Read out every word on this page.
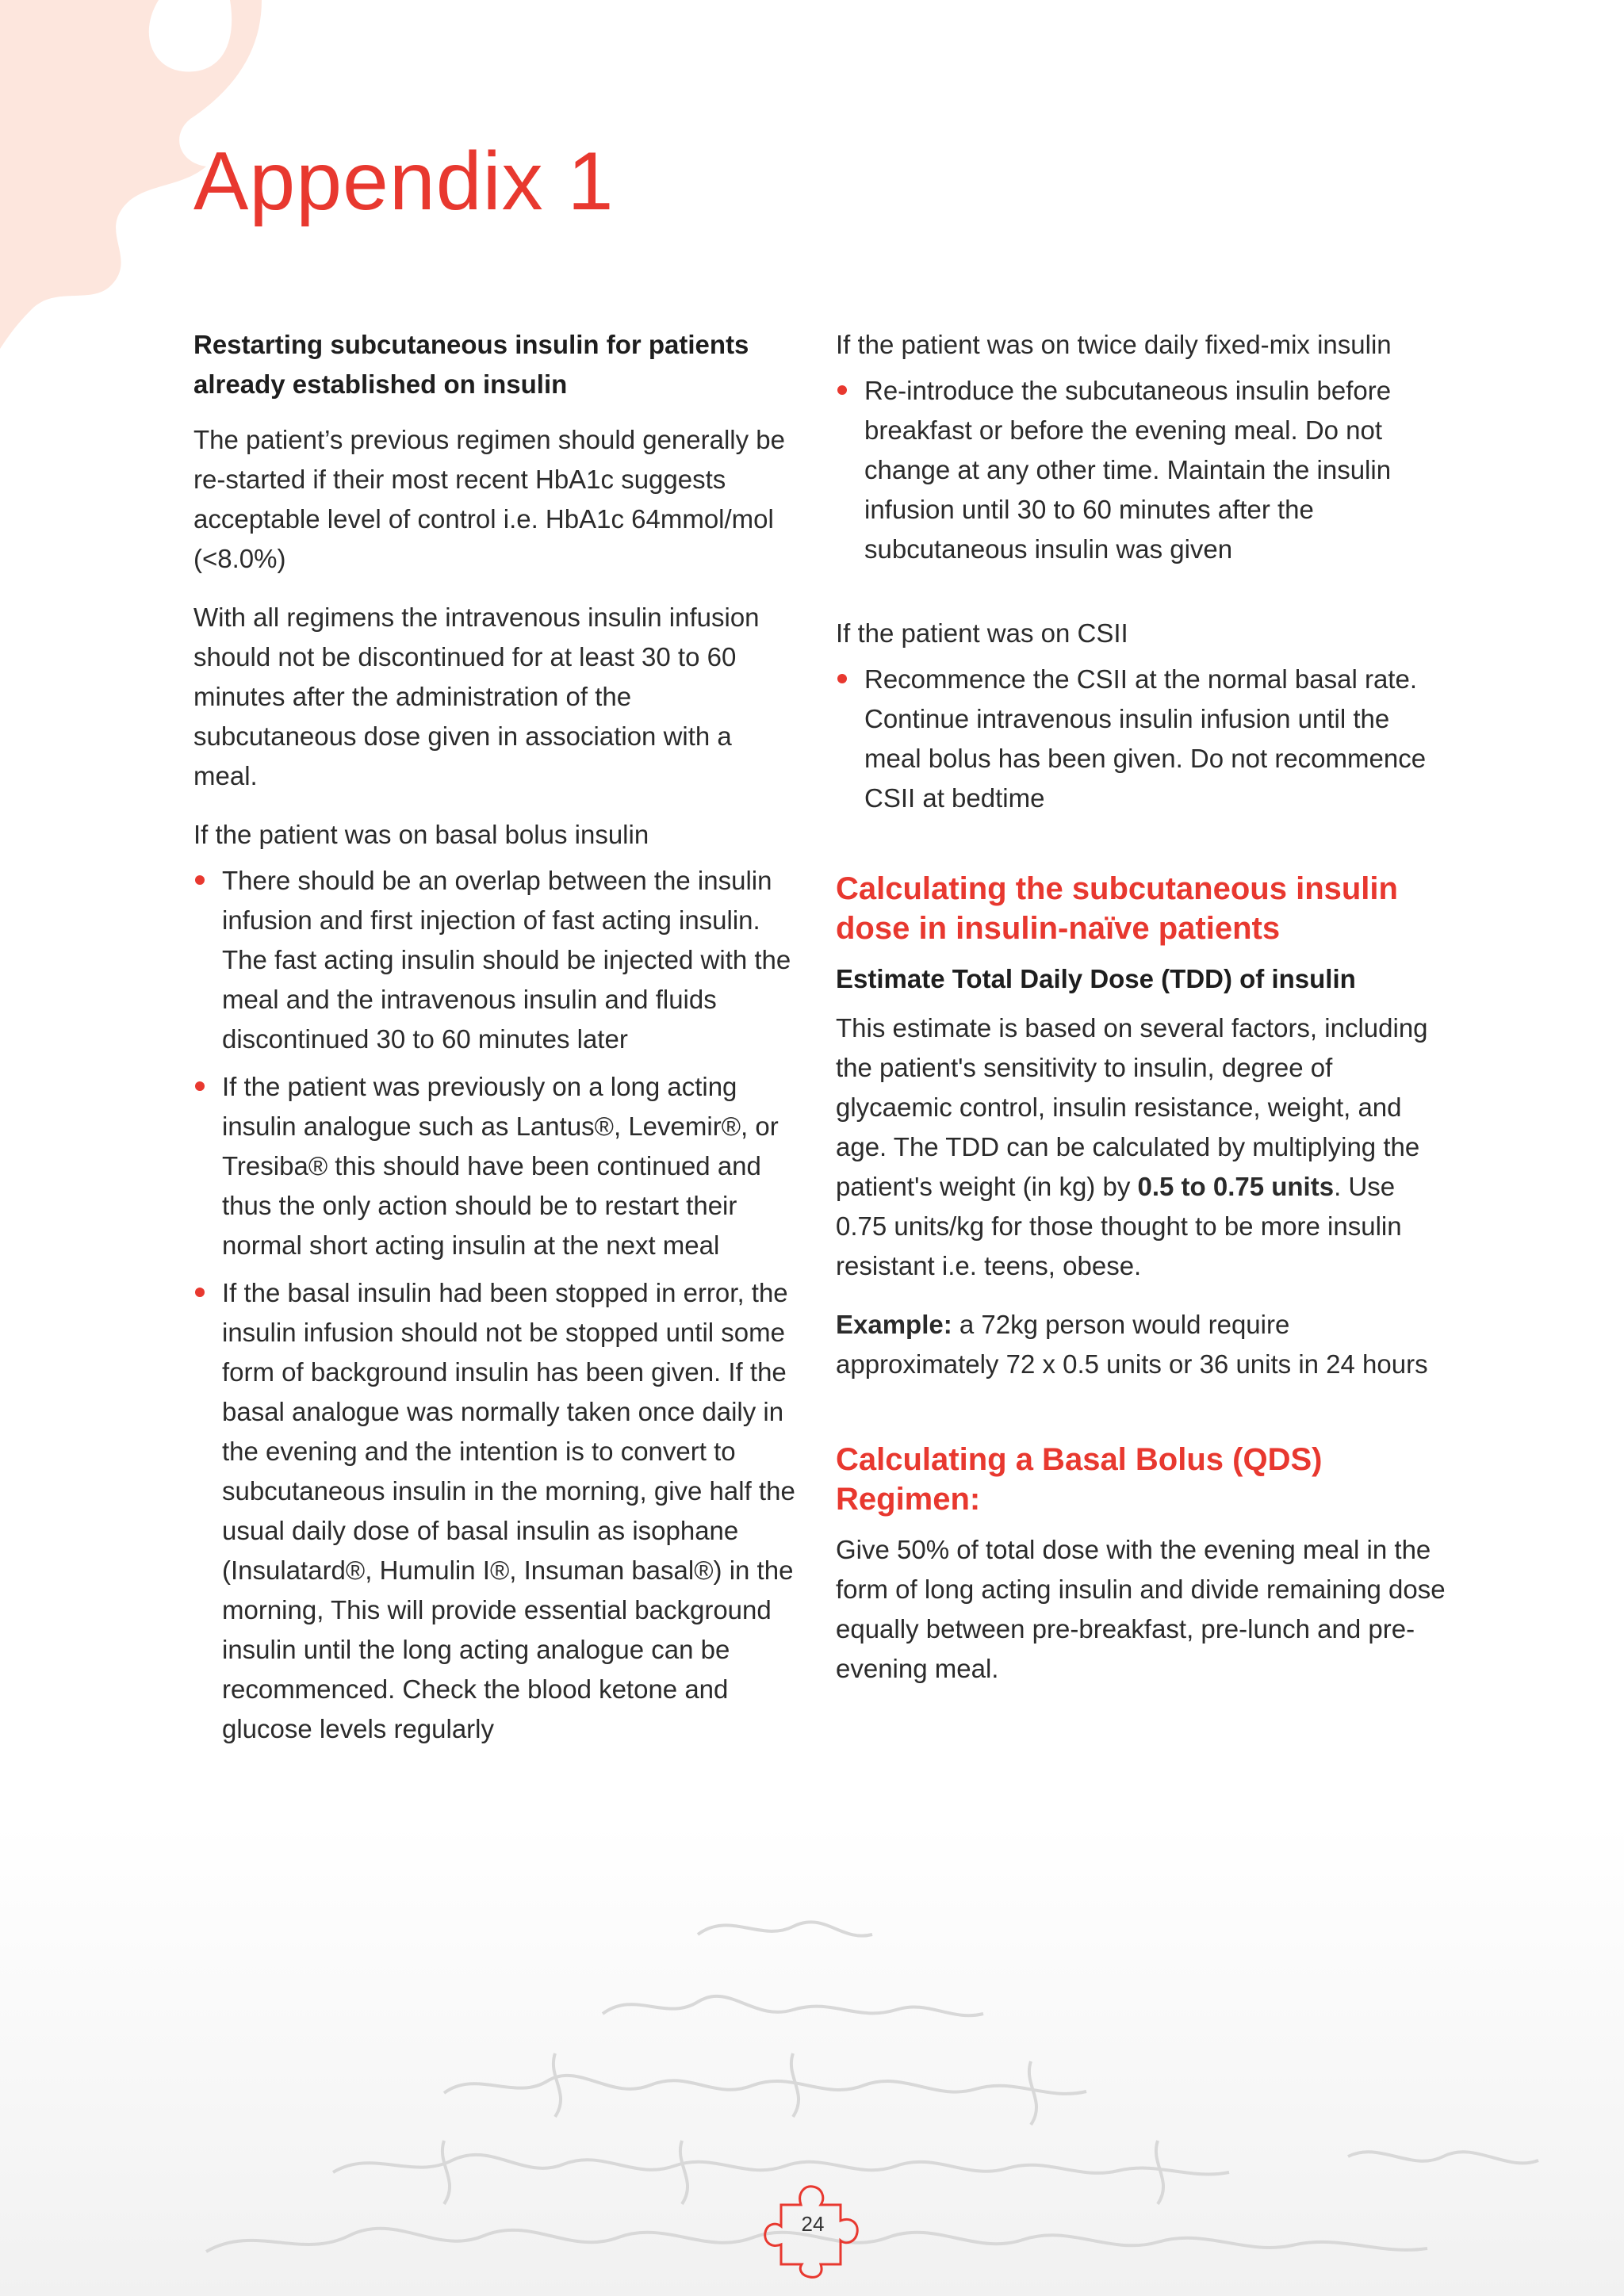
Appendix 1

Restarting subcutaneous insulin for patients already established on insulin

The patient’s previous regimen should generally be re-started if their most recent HbA1c suggests acceptable level of control i.e. HbA1c 64mmol/mol (<8.0%)

With all regimens the intravenous insulin infusion should not be discontinued for at least 30 to 60 minutes after the administration of the subcutaneous dose given in association with a meal.

If the patient was on basal bolus insulin

There should be an overlap between the insulin infusion and first injection of fast acting insulin. The fast acting insulin should be injected with the meal and the intravenous insulin and fluids discontinued 30 to 60 minutes later
If the patient was previously on a long acting insulin analogue such as Lantus®, Levemir®, or Tresiba® this should have been continued and thus the only action should be to restart their normal short acting insulin at the next meal
If the basal insulin had been stopped in error, the insulin infusion should not be stopped until some form of background insulin has been given. If the basal analogue was normally taken once daily in the evening and the intention is to convert to subcutaneous insulin in the morning, give half the usual daily dose of basal insulin as isophane (Insulatard®, Humulin I®, Insuman basal®) in the morning, This will provide essential background insulin until the long acting analogue can be recommenced. Check the blood ketone and glucose levels regularly

If the patient was on twice daily fixed-mix insulin

Re-introduce the subcutaneous insulin before breakfast or before the evening meal. Do not change at any other time. Maintain the insulin infusion until 30 to 60 minutes after the subcutaneous insulin was given

If the patient was on CSII

Recommence the CSII at the normal basal rate. Continue intravenous insulin infusion until the meal bolus has been given. Do not recommence CSII at bedtime
Calculating the subcutaneous insulin dose in insulin-naïve patients

Estimate Total Daily Dose (TDD) of insulin

This estimate is based on several factors, including the patient's sensitivity to insulin, degree of glycaemic control, insulin resistance, weight, and age. The TDD can be calculated by multiplying the patient's weight (in kg) by 0.5 to 0.75 units. Use 0.75 units/kg for those thought to be more insulin resistant i.e. teens, obese.

Example: a 72kg person would require approximately 72 x 0.5 units or 36 units in 24 hours

Calculating a Basal Bolus (QDS) Regimen:

Give 50% of total dose with the evening meal in the form of long acting insulin and divide remaining dose equally between pre-breakfast, pre-lunch and pre-evening meal.

24
